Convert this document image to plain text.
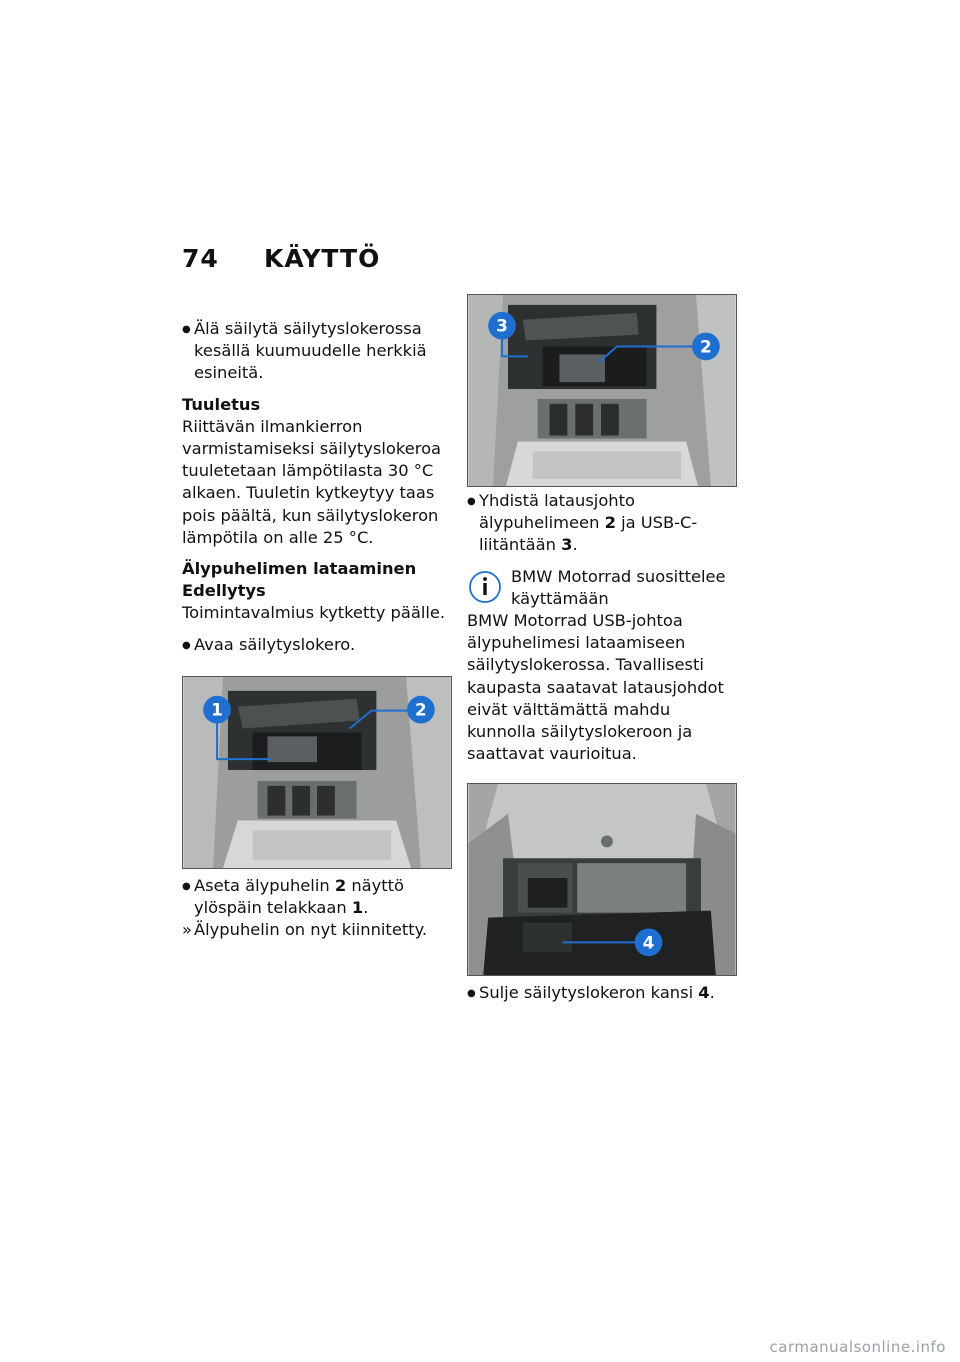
74 KÄYTTÖ
● Älä säilytä säilytyslokerossa kesällä kuumuudelle herkkiä esineitä.

Tuuletus

Riittävän ilmankierron varmistamiseksi säilytyslokeroa tuuletetaan lämpötilasta 30 °C alkaen. Tuuletin kytkeytyy taas pois päältä, kun säilytyslokeron lämpötila on alle 25 °C.

Älypuhelimen lataaminen

Edellytys

Toimintavalmius kytketty päälle.

● Avaa säilytyslokero.

1	2
● Aseta älypuhelin 2 näyttö ylöspäin telakkaan 1.

» Älypuhelin on nyt kiinnitetty.

3
2
● Yhdistä latausjohto älypuhelimeen 2 ja USB-C-liitäntään 3.

BMW Motorrad suosittelee käyttämään

BMW Motorrad USB-johtoa älypuhelimesi lataamiseen säilytyslokerossa. Tavallisesti kaupasta saatavat latausjohdot eivät välttämättä mahdu kunnolla säilytyslokeroon ja saattavat vaurioitua.

4
● Sulje säilytyslokeron kansi 4.

carmanualsonline.info
